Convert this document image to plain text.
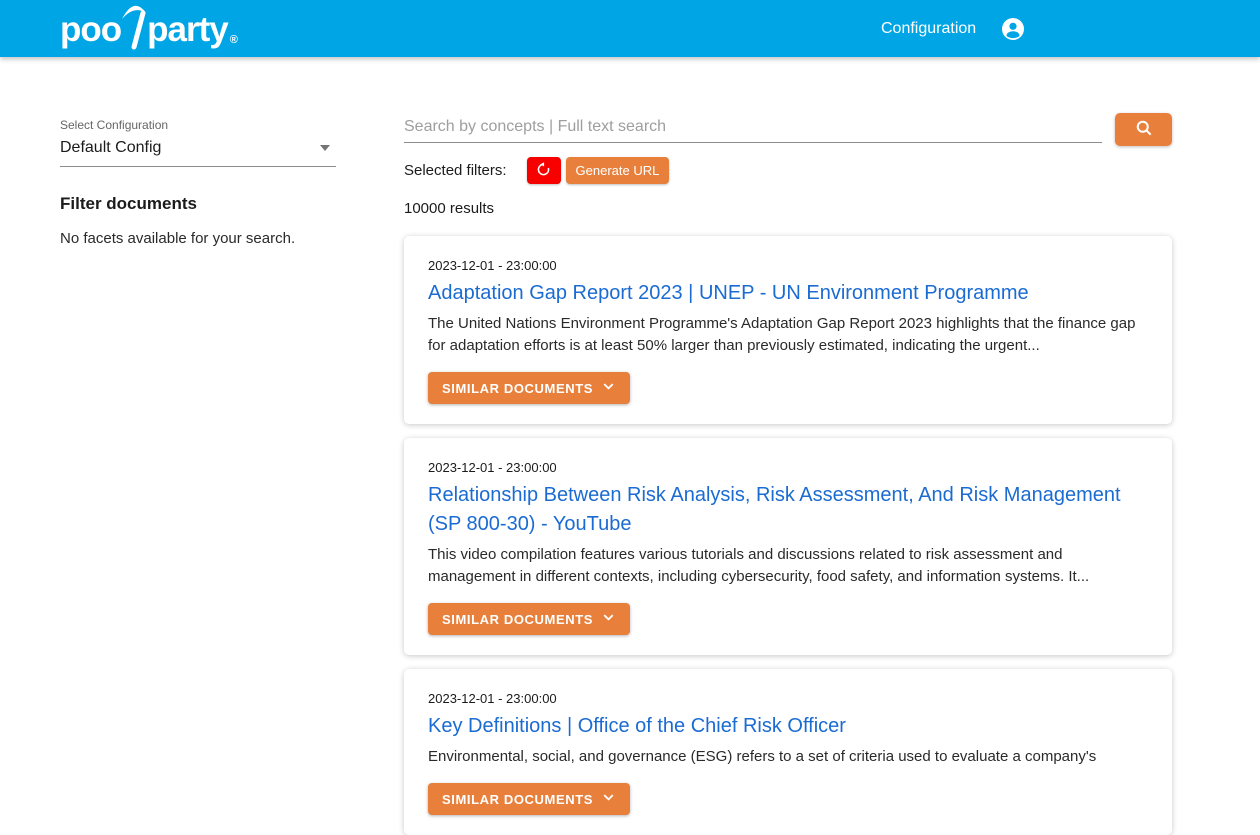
poo party ®
Configuration
Select Configuration
Default Config
Filter documents
No facets available for your search.
Search by concepts | Full text search
Selected filters:	Generate URL
10000 results
2023-12-01 - 23:00:00
Adaptation Gap Report 2023 | UNEP - UN Environment Programme
The United Nations Environment Programme's Adaptation Gap Report 2023 highlights that the finance gap for adaptation efforts is at least 50% larger than previously estimated, indicating the urgent...
SIMILAR DOCUMENTS
2023-12-01 - 23:00:00
Relationship Between Risk Analysis, Risk Assessment, And Risk Management (SP 800-30) - YouTube
This video compilation features various tutorials and discussions related to risk assessment and management in different contexts, including cybersecurity, food safety, and information systems. It...
SIMILAR DOCUMENTS
2023-12-01 - 23:00:00
Key Definitions | Office of the Chief Risk Officer
Environmental, social, and governance (ESG) refers to a set of criteria used to evaluate a company's
SIMILAR DOCUMENTS
